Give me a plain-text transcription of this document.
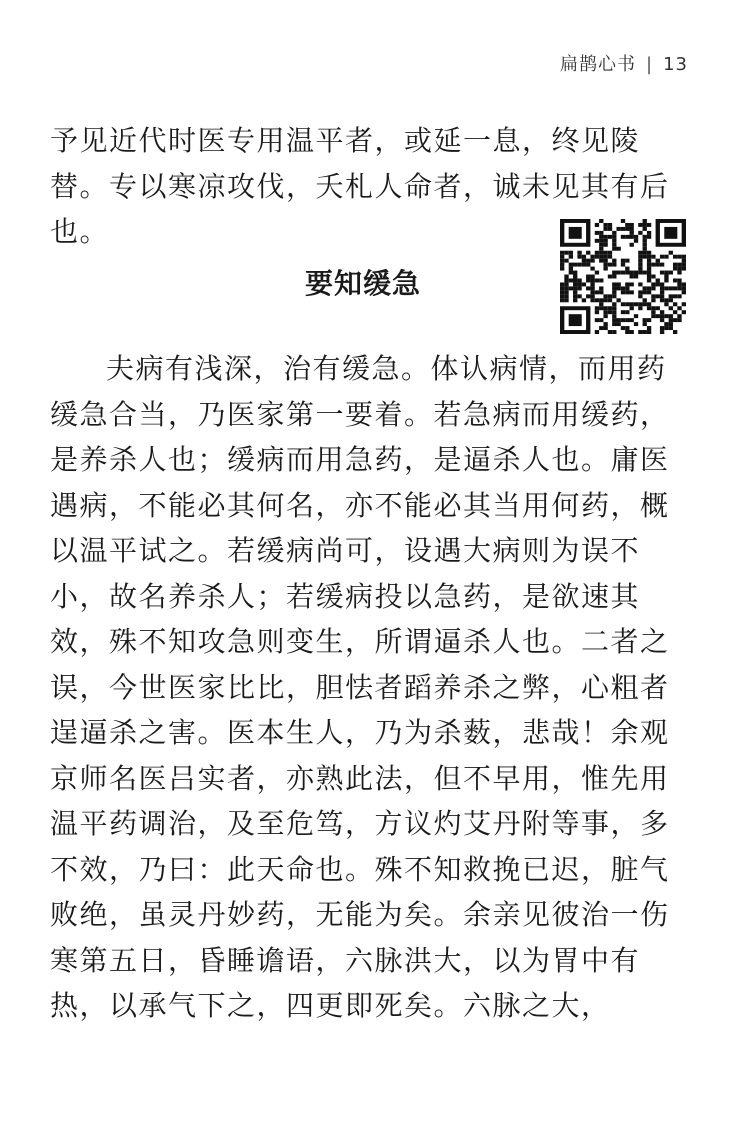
扁鹊心书 | 13
予见近代时医专用温平者，或延一息，终见陵替。专以寒凉攻伐，夭札人命者，诚未见其有后也。
要知缓急
夫病有浅深，治有缓急。体认病情，而用药缓急合当，乃医家第一要着。若急病而用缓药，是养杀人也；缓病而用急药，是逼杀人也。庸医遇病，不能必其何名，亦不能必其当用何药，概以温平试之。若缓病尚可，设遇大病则为误不小，故名养杀人；若缓病投以急药，是欲速其效，殊不知攻急则变生，所谓逼杀人也。二者之误，今世医家比比，胆怯者蹈养杀之弊，心粗者逞逼杀之害。医本生人，乃为杀薮，悲哉！余观京师名医吕实者，亦熟此法，但不早用，惟先用温平药调治，及至危笃，方议灼艾丹附等事，多不效，乃曰：此天命也。殊不知救挽已迟，脏气败绝，虽灵丹妙药，无能为矣。余亲见彼治一伤寒第五日，昏睡谵语，六脉洪大，以为胃中有热，以承气下之，四更即死矣。六脉之大，
